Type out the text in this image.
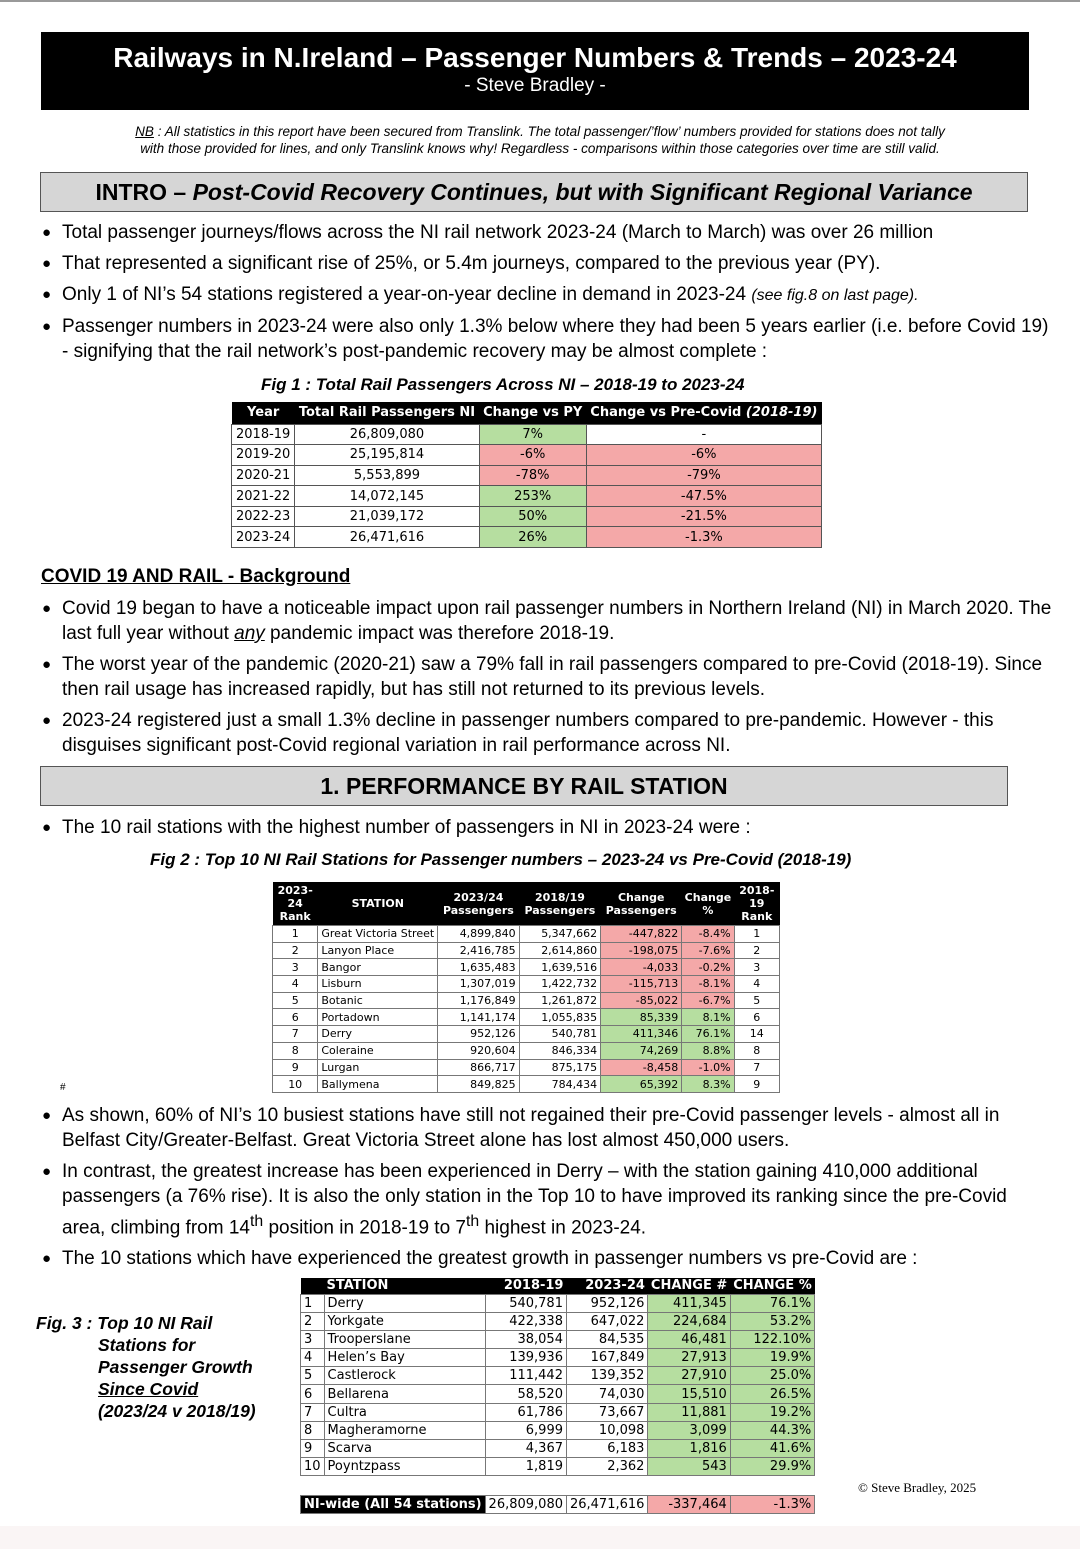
Railways in N.Ireland – Passenger Numbers & Trends – 2023-24
- Steve Bradley -
NB : All statistics in this report have been secured from Translink. The total passenger/’flow’ numbers provided for stations does not tally
with those provided for lines, and only Translink knows why! Regardless - comparisons within those categories over time are still valid.
INTRO – Post-Covid Recovery Continues, but with Significant Regional Variance
● Total passenger journeys/flows across the NI rail network 2023-24 (March to March) was over 26 million
● That represented a significant rise of 25%, or 5.4m journeys, compared to the previous year (PY).
● Only 1 of NI’s 54 stations registered a year-on-year decline in demand in 2023-24 (see fig.8 on last page).
● Passenger numbers in 2023-24 were also only 1.3% below where they had been 5 years earlier (i.e. before Covid 19) - signifying that the rail network’s post-pandemic recovery may be almost complete :
Fig 1 : Total Rail Passengers Across NI – 2018-19 to 2023-24
Year	Total Rail Passengers NI	Change vs PY	Change vs Pre-Covid (2018-19)
2018-19	26,809,080	7%	-
2019-20	25,195,814	-6%	-6%
2020-21	5,553,899	-78%	-79%
2021-22	14,072,145	253%	-47.5%
2022-23	21,039,172	50%	-21.5%
2023-24	26,471,616	26%	-1.3%
COVID 19 AND RAIL - Background
● Covid 19 began to have a noticeable impact upon rail passenger numbers in Northern Ireland (NI) in March 2020. The last full year without any pandemic impact was therefore 2018-19.
● The worst year of the pandemic (2020-21) saw a 79% fall in rail passengers compared to pre-Covid (2018-19). Since then rail usage has increased rapidly, but has still not returned to its previous levels.
● 2023-24 registered just a small 1.3% decline in passenger numbers compared to pre-pandemic. However - this disguises significant post-Covid regional variation in rail performance across NI.
1. PERFORMANCE BY RAIL STATION
● The 10 rail stations with the highest number of passengers in NI in 2023-24 were :
Fig 2 : Top 10 NI Rail Stations for Passenger numbers – 2023-24 vs Pre-Covid (2018-19)
2023-24 Rank	STATION	2023/24 Passengers	2018/19 Passengers	Change Passengers	Change %	2018-19 Rank
1	Great Victoria Street	4,899,840	5,347,662	-447,822	-8.4%	1
2	Lanyon Place	2,416,785	2,614,860	-198,075	-7.6%	2
3	Bangor	1,635,483	1,639,516	-4,033	-0.2%	3
4	Lisburn	1,307,019	1,422,732	-115,713	-8.1%	4
5	Botanic	1,176,849	1,261,872	-85,022	-6.7%	5
6	Portadown	1,141,174	1,055,835	85,339	8.1%	6
7	Derry	952,126	540,781	411,346	76.1%	14
8	Coleraine	920,604	846,334	74,269	8.8%	8
9	Lurgan	866,717	875,175	-8,458	-1.0%	7
10	Ballymena	849,825	784,434	65,392	8.3%	9
#
● As shown, 60% of NI’s 10 busiest stations have still not regained their pre-Covid passenger levels - almost all in Belfast City/Greater-Belfast. Great Victoria Street alone has lost almost 450,000 users.
● In contrast, the greatest increase has been experienced in Derry – with the station gaining 410,000 additional passengers (a 76% rise). It is also the only station in the Top 10 to have improved its ranking since the pre-Covid area, climbing from 14th position in 2018-19 to 7th highest in 2023-24.
● The 10 stations which have experienced the greatest growth in passenger numbers vs pre-Covid are :
Fig. 3 : Top 10 NI Rail
Stations for
Passenger Growth
Since Covid
(2023/24 v 2018/19)
STATION		2018-19	2023-24	CHANGE #	CHANGE %
1	Derry	540,781	952,126	411,345	76.1%
2	Yorkgate	422,338	647,022	224,684	53.2%
3	Trooperslane	38,054	84,535	46,481	122.10%
4	Helen’s Bay	139,936	167,849	27,913	19.9%
5	Castlerock	111,442	139,352	27,910	25.0%
6	Bellarena	58,520	74,030	15,510	26.5%
7	Cultra	61,786	73,667	11,881	19.2%
8	Magheramorne	6,999	10,098	3,099	44.3%
9	Scarva	4,367	6,183	1,816	41.6%
10	Poyntzpass	1,819	2,362	543	29.9%

NI-wide (All 54 stations)		26,809,080	26,471,616	-337,464	-1.3%
© Steve Bradley, 2025
